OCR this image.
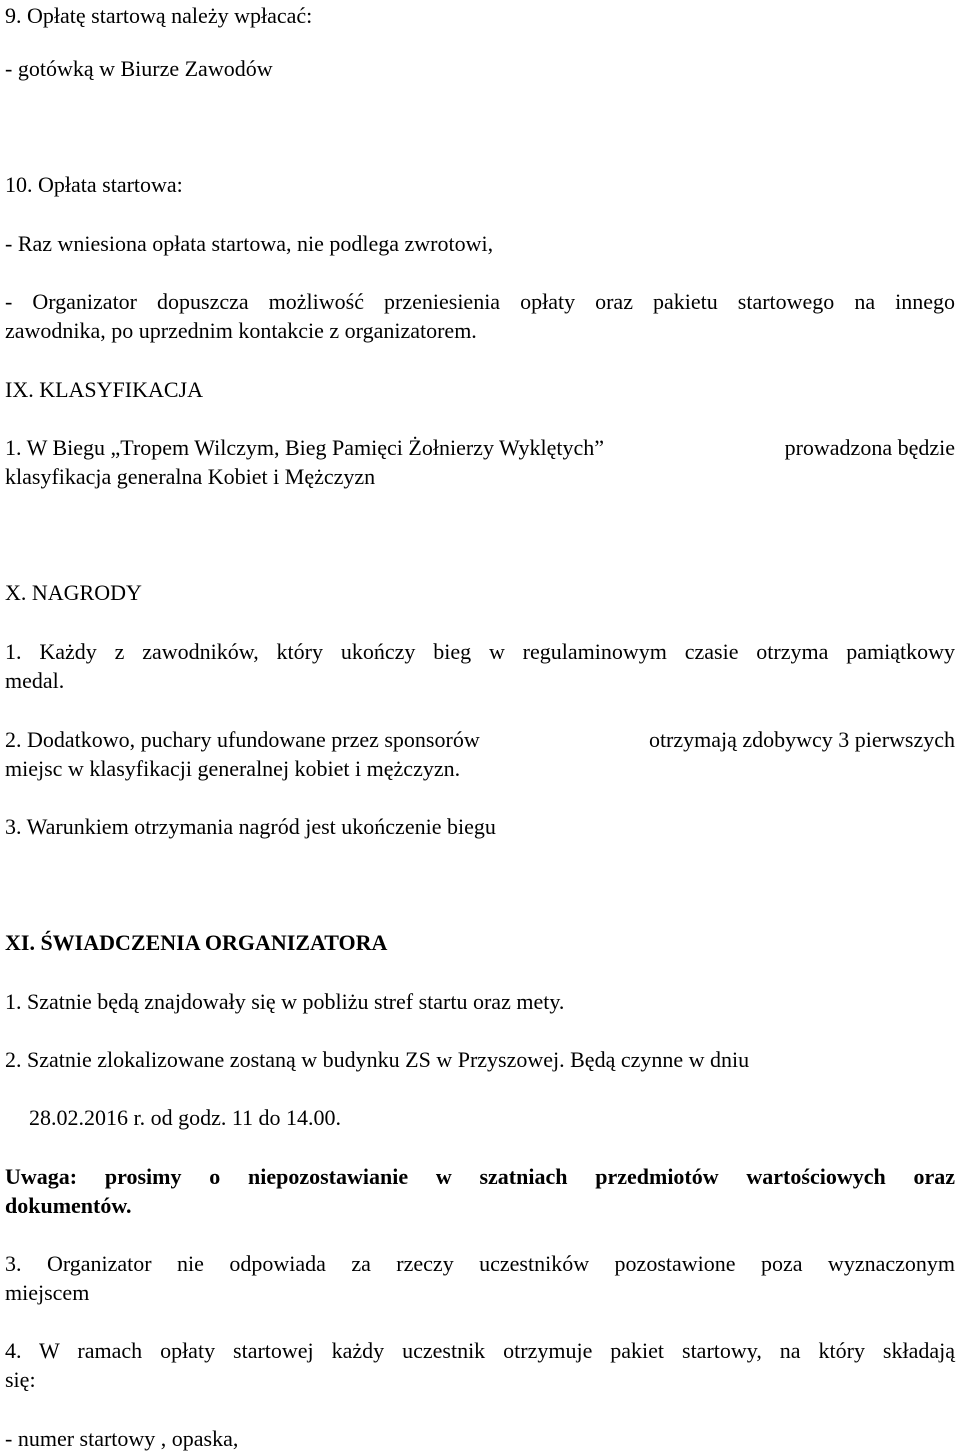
9. Opłatę startową należy wpłacać:

- gotówką w Biurze Zawodów

10. Opłata startowa:

- Raz wniesiona opłata startowa, nie podlega zwrotowi,

- Organizator dopuszcza możliwość przeniesienia opłaty oraz pakietu startowego na innego

zawodnika, po uprzednim kontakcie z organizatorem.

IX. KLASYFIKACJA

1. W Biegu „Tropem Wilczym, Bieg Pamięci Żołnierzy Wyklętych”	prowadzona będzie

klasyfikacja generalna Kobiet i Mężczyzn

X. NAGRODY

1. Każdy z zawodników, który ukończy bieg w regulaminowym czasie otrzyma pamiątkowy

medal.

2. Dodatkowo, puchary ufundowane przez sponsorów	otrzymają zdobywcy 3 pierwszych

miejsc w klasyfikacji generalnej kobiet i mężczyzn.

3. Warunkiem otrzymania nagród jest ukończenie biegu

XI. ŚWIADCZENIA ORGANIZATORA

1. Szatnie będą znajdowały się w pobliżu stref startu oraz mety.

2. Szatnie zlokalizowane zostaną w budynku ZS w Przyszowej. Będą czynne w dniu

28.02.2016 r. od godz. 11 do 14.00.

Uwaga: prosimy o niepozostawianie w szatniach przedmiotów wartościowych oraz

dokumentów.

3. Organizator nie odpowiada za rzeczy uczestników pozostawione poza wyznaczonym

miejscem

4. W ramach opłaty startowej każdy uczestnik otrzymuje pakiet startowy, na który składają

się:

- numer startowy , opaska,
